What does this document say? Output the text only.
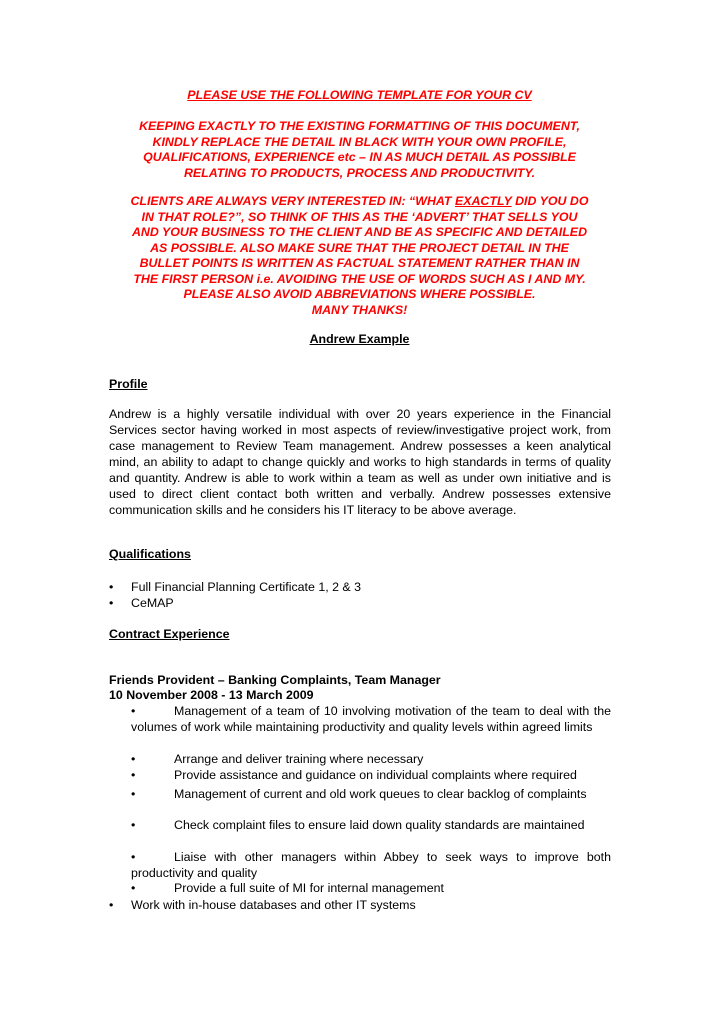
PLEASE USE THE FOLLOWING TEMPLATE FOR YOUR CV
KEEPING EXACTLY TO THE EXISTING FORMATTING OF THIS DOCUMENT,
KINDLY REPLACE THE DETAIL IN BLACK WITH YOUR OWN PROFILE,
QUALIFICATIONS, EXPERIENCE etc – IN AS MUCH DETAIL AS POSSIBLE
RELATING TO PRODUCTS, PROCESS AND PRODUCTIVITY.
CLIENTS ARE ALWAYS VERY INTERESTED IN: “WHAT EXACTLY DID YOU DO
IN THAT ROLE?”, SO THINK OF THIS AS THE ‘ADVERT’ THAT SELLS YOU
AND YOUR BUSINESS TO THE CLIENT AND BE AS SPECIFIC AND DETAILED
AS POSSIBLE. ALSO MAKE SURE THAT THE PROJECT DETAIL IN THE
BULLET POINTS IS WRITTEN AS FACTUAL STATEMENT RATHER THAN IN
THE FIRST PERSON i.e. AVOIDING THE USE OF WORDS SUCH AS I AND MY.
PLEASE ALSO AVOID ABBREVIATIONS WHERE POSSIBLE.
MANY THANKS!
Andrew Example
Profile
Andrew is a highly versatile individual with over 20 years experience in the Financial Services sector having worked in most aspects of review/investigative project work, from case management to Review Team management. Andrew possesses a keen analytical mind, an ability to adapt to change quickly and works to high standards in terms of quality and quantity. Andrew is able to work within a team as well as under own initiative and is used to direct client contact both written and verbally. Andrew possesses extensive communication skills and he considers his IT literacy to be above average.
Qualifications
• Full Financial Planning Certificate 1, 2 & 3
• CeMAP
Contract Experience
Friends Provident – Banking Complaints, Team Manager
10 November 2008 - 13 March 2009
•	Management of a team of 10 involving motivation of the team to deal with the volumes of work while maintaining productivity and quality levels within agreed limits
•	Arrange and deliver training where necessary
•	Provide assistance and guidance on individual complaints where required
•	Management of current and old work queues to clear backlog of complaints
•	Check complaint files to ensure laid down quality standards are maintained
•	Liaise with other managers within Abbey to seek ways to improve both productivity and quality
•	Provide a full suite of MI for internal management
• Work with in-house databases and other IT systems
